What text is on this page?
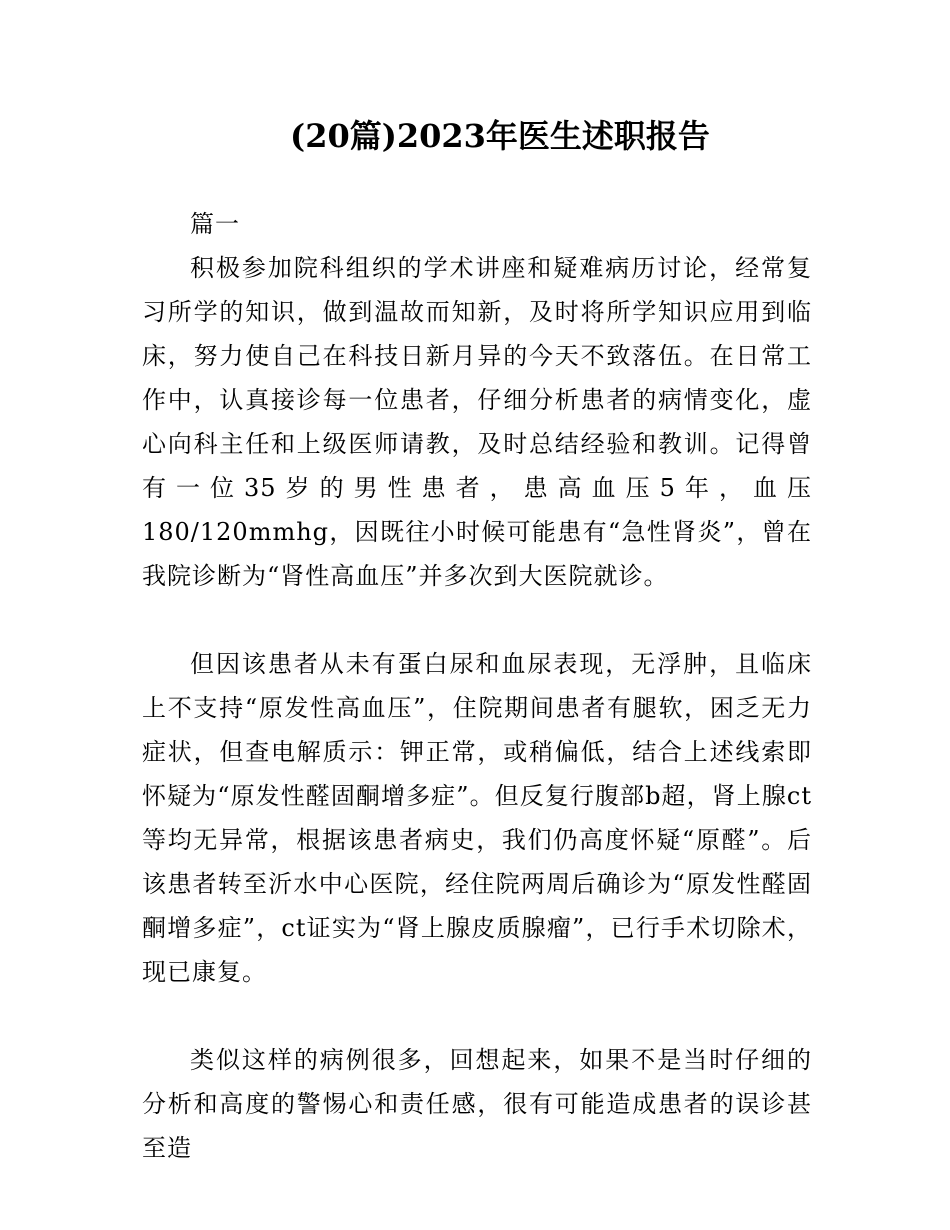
(20篇)2023年医生述职报告

篇一

积极参加院科组织的学术讲座和疑难病历讨论，经常复习所学的知识，做到温故而知新，及时将所学知识应用到临床，努力使自己在科技日新月异的今天不致落伍。在日常工作中，认真接诊每一位患者，仔细分析患者的病情变化，虚心向科主任和上级医师请教，及时总结经验和教训。记得曾有一位35岁的男性患者，患高血压5年，血压180/120mmhg，因既往小时候可能患有“急性肾炎”，曾在我院诊断为“肾性高血压”并多次到大医院就诊。

但因该患者从未有蛋白尿和血尿表现，无浮肿，且临床上不支持“原发性高血压”，住院期间患者有腿软，困乏无力症状，但查电解质示：钾正常，或稍偏低，结合上述线索即怀疑为“原发性醛固酮增多症”。但反复行腹部b超，肾上腺ct等均无异常，根据该患者病史，我们仍高度怀疑“原醛”。后该患者转至沂水中心医院，经住院两周后确诊为“原发性醛固酮增多症”，ct证实为“肾上腺皮质腺瘤”，已行手术切除术，现已康复。

类似这样的病例很多，回想起来，如果不是当时仔细的分析和高度的警惕心和责任感，很有可能造成患者的误诊甚至造
